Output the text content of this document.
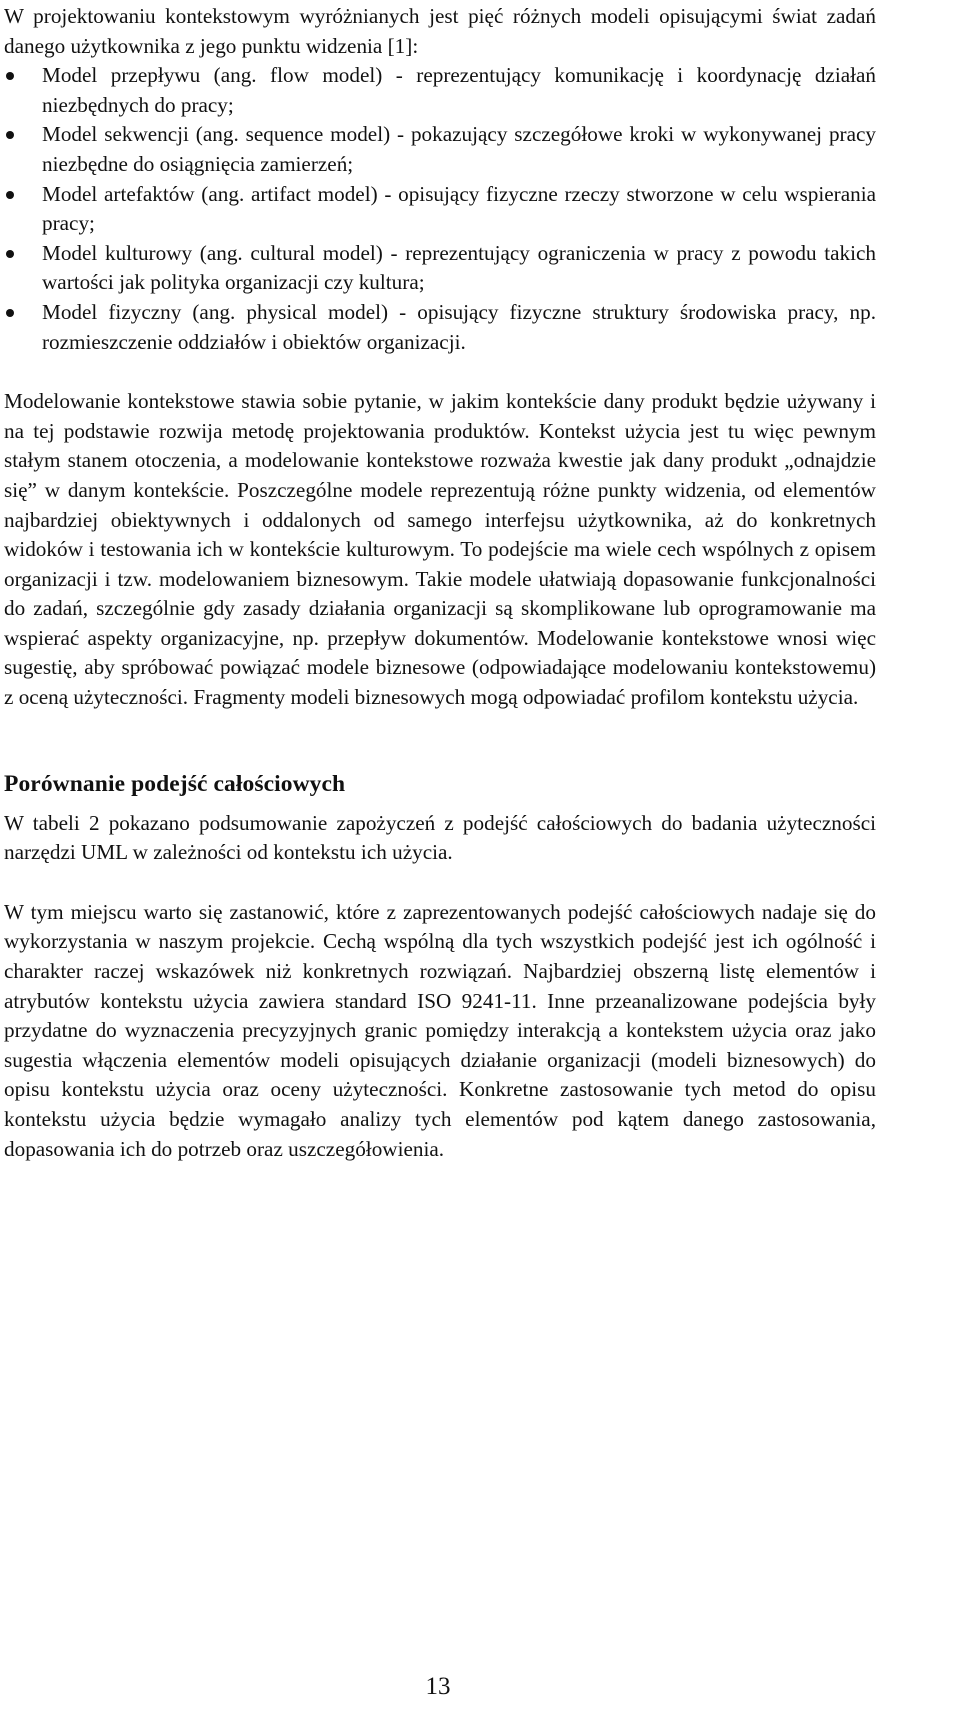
W projektowaniu kontekstowym wyróżnianych jest pięć różnych modeli opisującymi świat zadań danego użytkownika z jego punktu widzenia [1]:

Model przepływu (ang. flow model) - reprezentujący komunikację i koordynację działań niezbędnych do pracy;
Model sekwencji (ang. sequence model) - pokazujący szczegółowe kroki w wykonywanej pracy niezbędne do osiągnięcia zamierzeń;
Model artefaktów (ang. artifact model) - opisujący fizyczne rzeczy stworzone w celu wspierania pracy;
Model kulturowy (ang. cultural model) - reprezentujący ograniczenia w pracy z powodu takich wartości jak polityka organizacji czy kultura;
Model fizyczny (ang. physical model) - opisujący fizyczne struktury środowiska pracy, np. rozmieszczenie oddziałów i obiektów organizacji.

Modelowanie kontekstowe stawia sobie pytanie, w jakim kontekście dany produkt będzie używany i na tej podstawie rozwija metodę projektowania produktów. Kontekst użycia jest tu więc pewnym stałym stanem otoczenia, a modelowanie kontekstowe rozważa kwestie jak dany produkt „odnajdzie się” w danym kontekście. Poszczególne modele reprezentują różne punkty widzenia, od elementów najbardziej obiektywnych i oddalonych od samego interfejsu użytkownika, aż do konkretnych widoków i testowania ich w kontekście kulturowym. To podejście ma wiele cech wspólnych z opisem organizacji i tzw. modelowaniem biznesowym. Takie modele ułatwiają dopasowanie funkcjonalności do zadań, szczególnie gdy zasady działania organizacji są skomplikowane lub oprogramowanie ma wspierać aspekty organizacyjne, np. przepływ dokumentów. Modelowanie kontekstowe wnosi więc sugestię, aby spróbować powiązać modele biznesowe (odpowiadające modelowaniu kontekstowemu) z oceną użyteczności. Fragmenty modeli biznesowych mogą odpowiadać profilom kontekstu użycia.

Porównanie podejść całościowych

W tabeli 2 pokazano podsumowanie zapożyczeń z podejść całościowych do badania użyteczności narzędzi UML w zależności od kontekstu ich użycia.

W tym miejscu warto się zastanowić, które z zaprezentowanych podejść całościowych nadaje się do wykorzystania w naszym projekcie. Cechą wspólną dla tych wszystkich podejść jest ich ogólność i charakter raczej wskazówek niż konkretnych rozwiązań. Najbardziej obszerną listę elementów i atrybutów kontekstu użycia zawiera standard ISO 9241-11. Inne przeanalizowane podejścia były przydatne do wyznaczenia precyzyjnych granic pomiędzy interakcją a kontekstem użycia oraz jako sugestia włączenia elementów modeli opisujących działanie organizacji (modeli biznesowych) do opisu kontekstu użycia oraz oceny użyteczności. Konkretne zastosowanie tych metod do opisu kontekstu użycia będzie wymagało analizy tych elementów pod kątem danego zastosowania, dopasowania ich do potrzeb oraz uszczegółowienia.

13
